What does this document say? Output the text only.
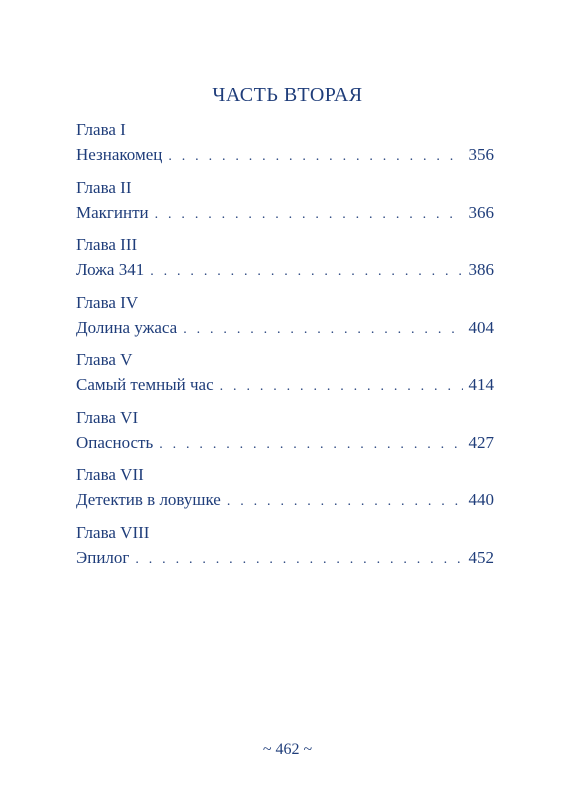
ЧАСТЬ ВТОРАЯ
Глава I
Незнакомец . . .	356
Глава II
Макгинти . . .	366
Глава III
Ложа 341 . . .	386
Глава IV
Долина ужаса . . .	404
Глава V
Самый темный час . . .	414
Глава VI
Опасность . . .	427
Глава VII
Детектив в ловушке . . .	440
Глава VIII
Эпилог . . .	452
~ 462 ~
